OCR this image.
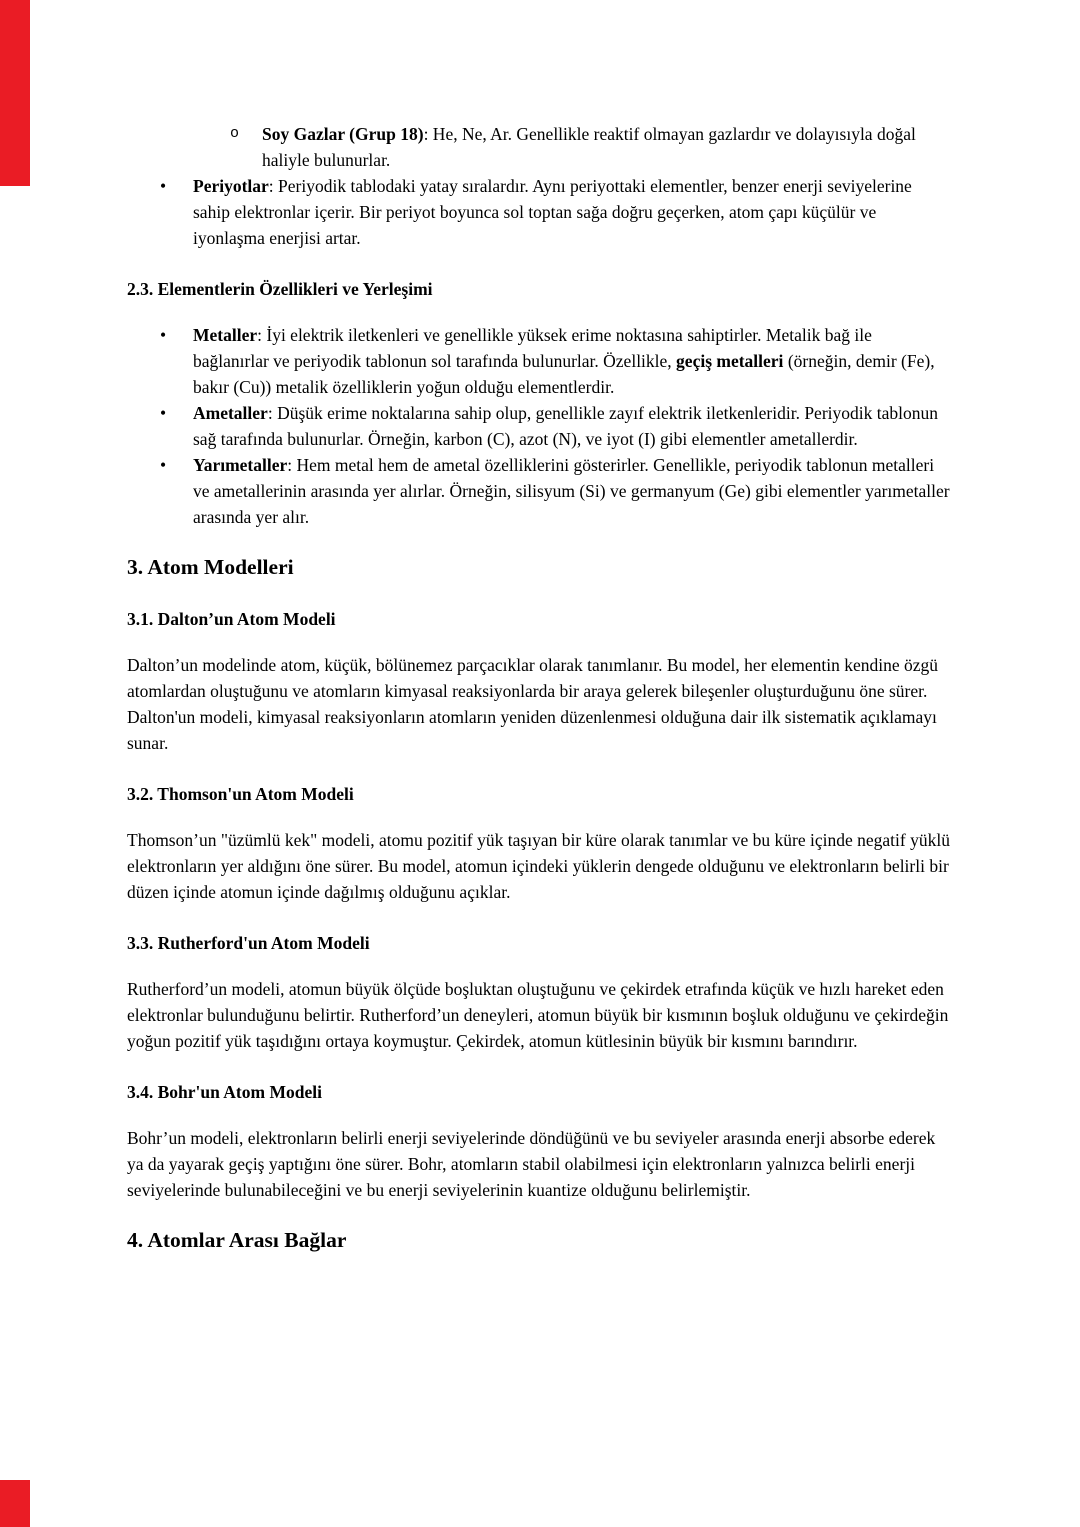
o	Soy Gazlar (Grup 18): He, Ne, Ar. Genellikle reaktif olmayan gazlardır ve dolayısıyla doğal haliyle bulunurlar.
•	Periyotlar: Periyodik tablodaki yatay sıralardır. Aynı periyottaki elementler, benzer enerji seviyelerine sahip elektronlar içerir. Bir periyot boyunca sol toptan sağa doğru geçerken, atom çapı küçülür ve iyonlaşma enerjisi artar.
2.3. Elementlerin Özellikleri ve Yerleşimi
•	Metaller: İyi elektrik iletkenleri ve genellikle yüksek erime noktasına sahiptirler. Metalik bağ ile bağlanırlar ve periyodik tablonun sol tarafında bulunurlar. Özellikle, geçiş metalleri (örneğin, demir (Fe), bakır (Cu)) metalik özelliklerin yoğun olduğu elementlerdir.
•	Ametaller: Düşük erime noktalarına sahip olup, genellikle zayıf elektrik iletkenleridir. Periyodik tablonun sağ tarafında bulunurlar. Örneğin, karbon (C), azot (N), ve iyot (I) gibi elementler ametallerdir.
•	Yarımetaller: Hem metal hem de ametal özelliklerini gösterirler. Genellikle, periyodik tablonun metalleri ve ametallerinin arasında yer alırlar. Örneğin, silisyum (Si) ve germanyum (Ge) gibi elementler yarımetaller arasında yer alır.
3. Atom Modelleri
3.1. Dalton’un Atom Modeli

Dalton’un modelinde atom, küçük, bölünemez parçacıklar olarak tanımlanır. Bu model, her elementin kendine özgü atomlardan oluştuğunu ve atomların kimyasal reaksiyonlarda bir araya gelerek bileşenler oluşturduğunu öne sürer. Dalton'un modeli, kimyasal reaksiyonların atomların yeniden düzenlenmesi olduğuna dair ilk sistematik açıklamayı sunar.

3.2. Thomson'un Atom Modeli

Thomson’un "üzümlü kek" modeli, atomu pozitif yük taşıyan bir küre olarak tanımlar ve bu küre içinde negatif yüklü elektronların yer aldığını öne sürer. Bu model, atomun içindeki yüklerin dengede olduğunu ve elektronların belirli bir düzen içinde atomun içinde dağılmış olduğunu açıklar.

3.3. Rutherford'un Atom Modeli

Rutherford’un modeli, atomun büyük ölçüde boşluktan oluştuğunu ve çekirdek etrafında küçük ve hızlı hareket eden elektronlar bulunduğunu belirtir. Rutherford’un deneyleri, atomun büyük bir kısmının boşluk olduğunu ve çekirdeğin yoğun pozitif yük taşıdığını ortaya koymuştur. Çekirdek, atomun kütlesinin büyük bir kısmını barındırır.

3.4. Bohr'un Atom Modeli

Bohr’un modeli, elektronların belirli enerji seviyelerinde döndüğünü ve bu seviyeler arasında enerji absorbe ederek ya da yayarak geçiş yaptığını öne sürer. Bohr, atomların stabil olabilmesi için elektronların yalnızca belirli enerji seviyelerinde bulunabileceğini ve bu enerji seviyelerinin kuantize olduğunu belirlemiştir.

4. Atomlar Arası Bağlar
